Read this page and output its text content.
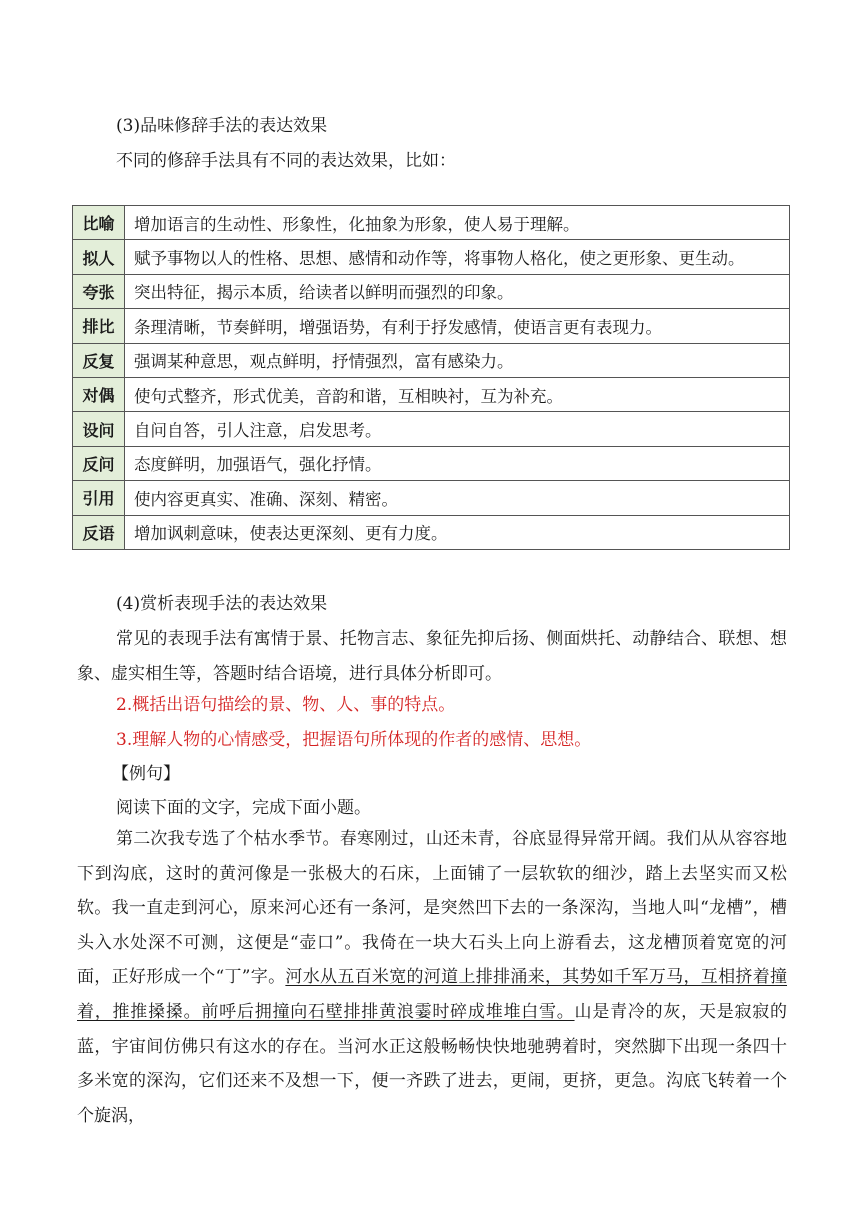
(3)品味修辞手法的表达效果
不同的修辞手法具有不同的表达效果，比如：
比喻	增加语言的生动性、形象性，化抽象为形象，使人易于理解。
拟人	赋予事物以人的性格、思想、感情和动作等，将事物人格化，使之更形象、更生动。
夸张	突出特征，揭示本质，给读者以鲜明而强烈的印象。
排比	条理清晰，节奏鲜明，增强语势，有利于抒发感情，使语言更有表现力。
反复	强调某种意思，观点鲜明，抒情强烈，富有感染力。
对偶	使句式整齐，形式优美，音韵和谐，互相映衬，互为补充。
设问	自问自答，引人注意，启发思考。
反问	态度鲜明，加强语气，强化抒情。
引用	使内容更真实、准确、深刻、精密。
反语	增加讽刺意味，使表达更深刻、更有力度。
(4)赏析表现手法的表达效果

常见的表现手法有寓情于景、托物言志、象征先抑后扬、侧面烘托、动静结合、联想、想象、虚实相生等，答题时结合语境，进行具体分析即可。

2.概括出语句描绘的景、物、人、事的特点。
3.理解人物的心情感受，把握语句所体现的作者的感情、思想。
【例句】
阅读下面的文字，完成下面小题。

第二次我专选了个枯水季节。春寒刚过，山还未青，谷底显得异常开阔。我们从从容容地下到沟底，这时的黄河像是一张极大的石床，上面铺了一层软软的细沙，踏上去坚实而又松软。我一直走到河心，原来河心还有一条河，是突然凹下去的一条深沟，当地人叫“龙槽”，槽头入水处深不可测，这便是“壶口”。我倚在一块大石头上向上游看去，这龙槽顶着宽宽的河面，正好形成一个“丁”字。河水从五百米宽的河道上排排涌来，其势如千军万马，互相挤着撞着，推推搡搡。前呼后拥撞向石壁排排黄浪霎时碎成堆堆白雪。山是青冷的灰，天是寂寂的蓝，宇宙间仿佛只有这水的存在。当河水正这般畅畅快快地驰骋着时，突然脚下出现一条四十多米宽的深沟，它们还来不及想一下，便一齐跌了进去，更闹，更挤，更急。沟底飞转着一个个旋涡，
